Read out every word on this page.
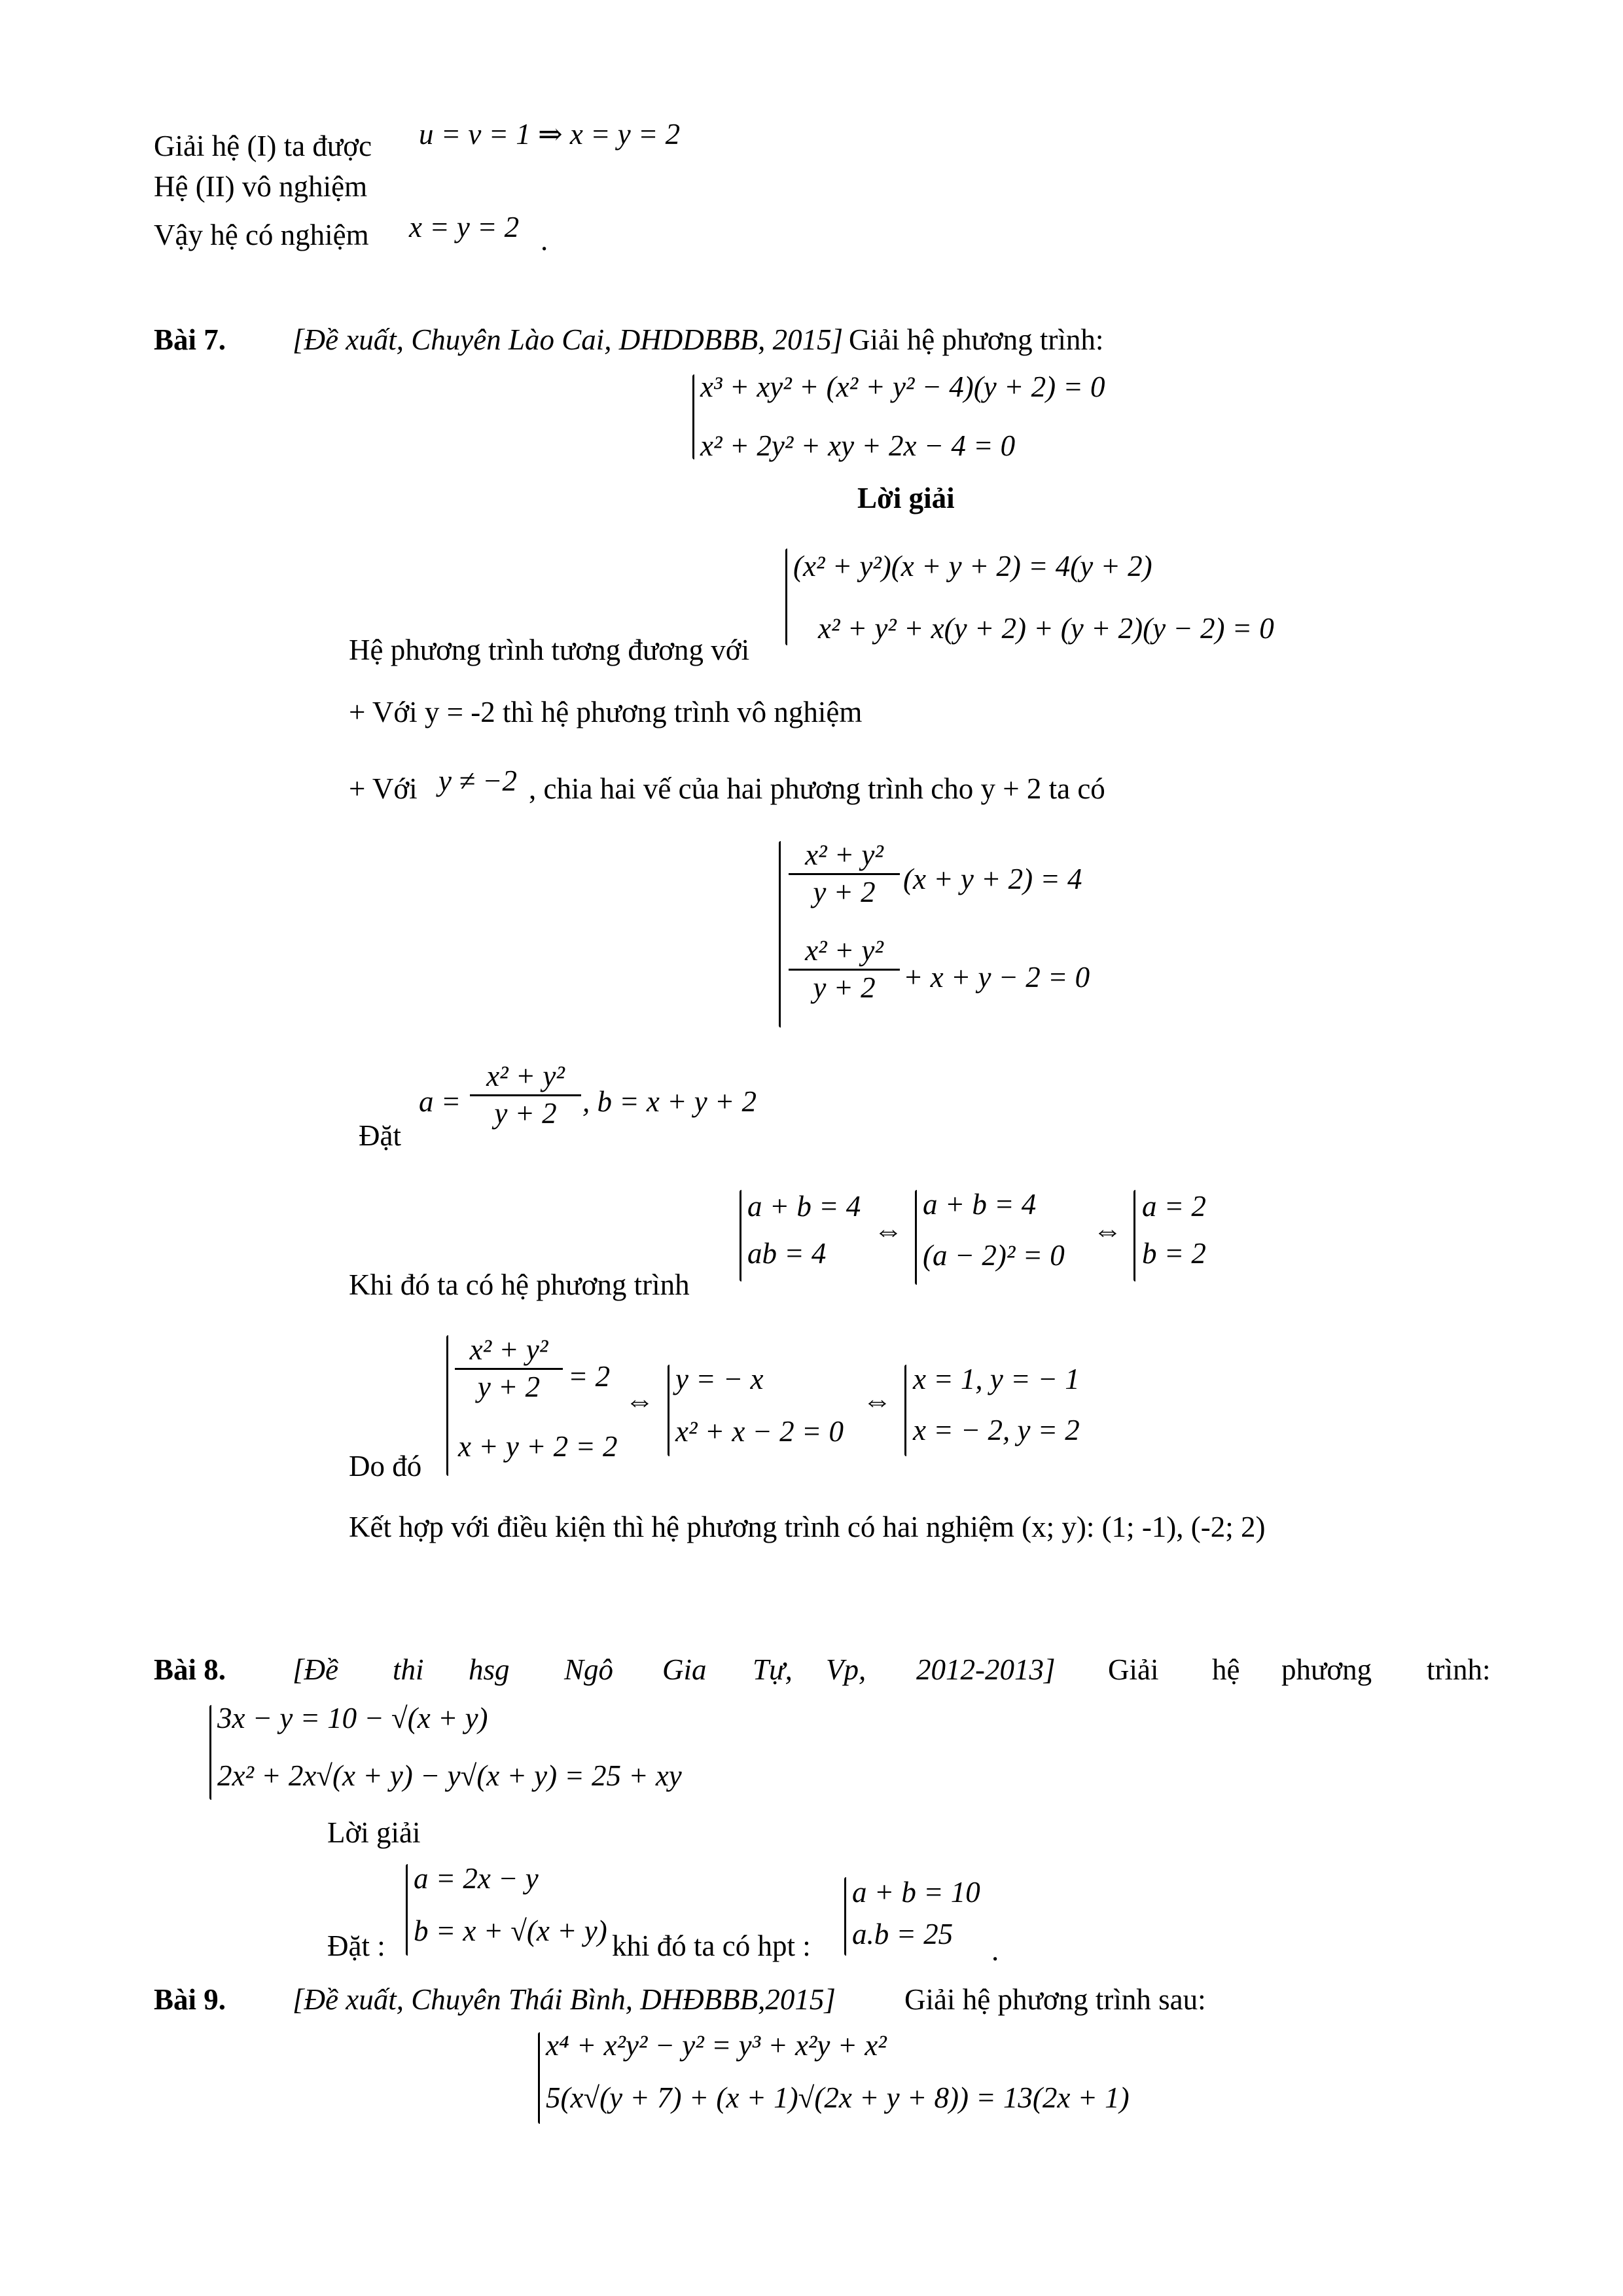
Giải hệ (I) ta được u = v = 1 ⇒ x = y = 2
Hệ (II) vô nghiệm
Vậy hệ có nghiệm x = y = 2 .
Bài 7. [Đề xuất, Chuyên Lào Cai, DHDDBBB, 2015] Giải hệ phương trình:
x³ + xy² + (x² + y² − 4)(y + 2) = 0
x² + 2y² + xy + 2x − 4 = 0
Lời giải
Hệ phương trình tương đương với
(x² + y²)(x + y + 2) = 4(y + 2)
x² + y² + x(y + 2) + (y + 2)(y − 2) = 0
+ Với y = -2 thì hệ phương trình vô nghiệm
+ Với y ≠ −2 , chia hai vế của hai phương trình cho y + 2 ta có
x² + y²
y + 2 (x + y + 2) = 4
x² + y²
y + 2 + x + y − 2 = 0
Đặt
a =
x² + y²
y + 2 , b = x + y + 2
Khi đó ta có hệ phương trình
a + b = 4
ab = 4
⇔
a + b = 4
(a − 2)² = 0
⇔
a = 2
b = 2
Do đó
x² + y²
y + 2 = 2
x + y + 2 = 2
⇔
y = − x
x² + x − 2 = 0
⇔
x = 1, y = − 1
x = − 2, y = 2
Kết hợp với điều kiện thì hệ phương trình có hai nghiệm (x; y): (1; -1), (-2; 2)
Bài 8. [Đề thi hsg Ngô Gia Tự, Vp, 2012-2013] Giải hệ phương trình:
3x − y = 10 − √(x + y)
2x² + 2x√(x + y) − y√(x + y) = 25 + xy
Lời giải
Đặt :
a = 2x − y
b = x + √(x + y) khi đó ta có hpt :
a + b = 10
a.b = 25 .
Bài 9. [Đề xuất, Chuyên Thái Bình, DHĐBBB,2015] Giải hệ phương trình sau:
x⁴ + x²y² − y² = y³ + x²y + x²
5(x√(y + 7) + (x + 1)√(2x + y + 8)) = 13(2x + 1)
